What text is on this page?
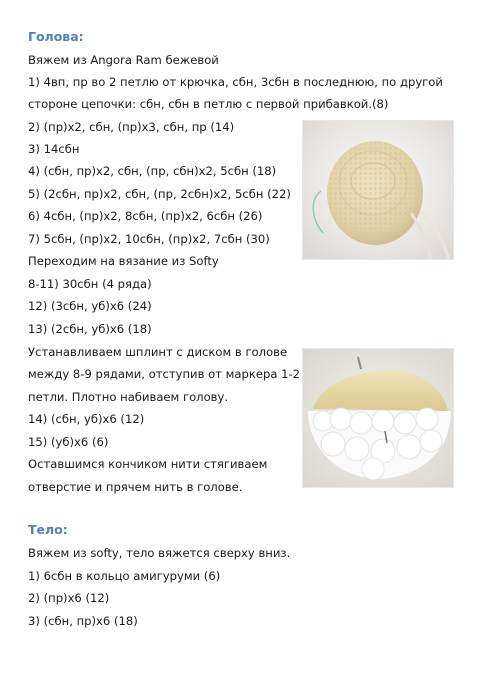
Голова:
Вяжем из Angora Ram бежевой
1) 4вп, пр во 2 петлю от крючка, сбн, 3сбн в последнюю, по другой
стороне цепочки: сбн, сбн в петлю с первой прибавкой.(8)
2) (пр)х2, сбн, (пр)х3, сбн, пр (14)
3) 14сбн
4) (сбн, пр)х2, сбн, (пр, сбн)х2, 5сбн (18)
5) (2сбн, пр)х2, сбн, (пр, 2сбн)х2, 5сбн (22)
6) 4сбн, (пр)х2, 8сбн, (пр)х2, 6сбн (26)
7) 5сбн, (пр)х2, 10сбн, (пр)х2, 7сбн (30)
Переходим на вязание из Softy
8-11) 30сбн (4 ряда)
12) (3сбн, уб)х6 (24)
13) (2сбн, уб)х6 (18)
Устанавливаем шплинт с диском в голове
между 8-9 рядами, отступив от маркера 1-2
петли. Плотно набиваем голову.
14) (сбн, уб)х6 (12)
15) (уб)х6 (6)
Оставшимся кончиком нити стягиваем
отверстие и прячем нить в голове.
Тело:
Вяжем из softy, тело вяжется сверху вниз.
1) 6сбн в кольцо амигуруми (6)
2) (пр)х6 (12)
3) (сбн, пр)х6 (18)
